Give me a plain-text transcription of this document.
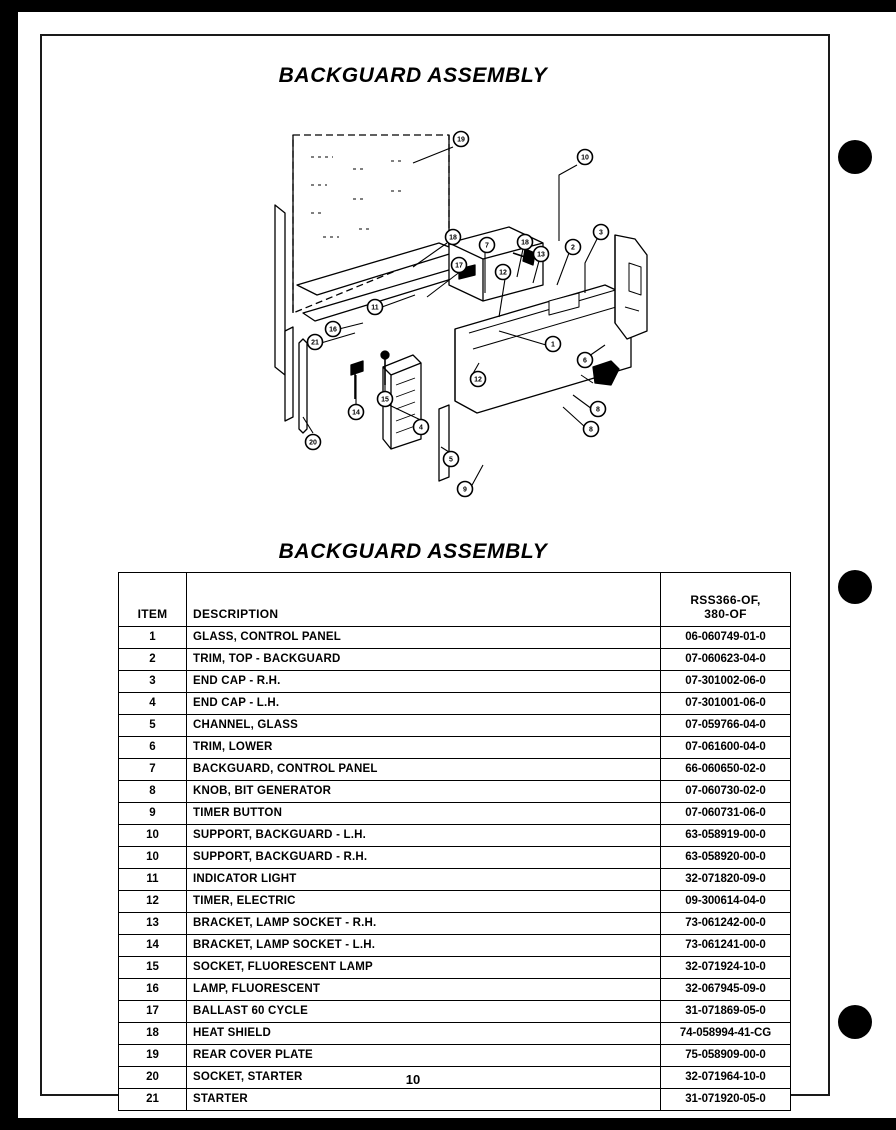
BACKGUARD ASSEMBLY
19
10
18
7	18
13
2
3
17
12
11
16
21	1
6
20
14
15
4
12
8
8
5
9
BACKGUARD ASSEMBLY
ITEM	DESCRIPTION	RSS366-OF,
380-OF
1	GLASS, CONTROL PANEL	06-060749-01-0
2	TRIM, TOP - BACKGUARD	07-060623-04-0
3	END CAP - R.H.	07-301002-06-0
4	END CAP - L.H.	07-301001-06-0
5	CHANNEL, GLASS	07-059766-04-0
6	TRIM, LOWER	07-061600-04-0
7	BACKGUARD, CONTROL PANEL	66-060650-02-0
8	KNOB, BIT GENERATOR	07-060730-02-0
9	TIMER BUTTON	07-060731-06-0
10	SUPPORT, BACKGUARD - L.H.	63-058919-00-0
10	SUPPORT, BACKGUARD - R.H.	63-058920-00-0
11	INDICATOR LIGHT	32-071820-09-0
12	TIMER, ELECTRIC	09-300614-04-0
13	BRACKET, LAMP SOCKET - R.H.	73-061242-00-0
14	BRACKET, LAMP SOCKET - L.H.	73-061241-00-0
15	SOCKET, FLUORESCENT LAMP	32-071924-10-0
16	LAMP, FLUORESCENT	32-067945-09-0
17	BALLAST 60 CYCLE	31-071869-05-0
18	HEAT SHIELD	74-058994-41-CG
19	REAR COVER PLATE	75-058909-00-0
20	SOCKET, STARTER	32-071964-10-0
21	STARTER	31-071920-05-0
10
